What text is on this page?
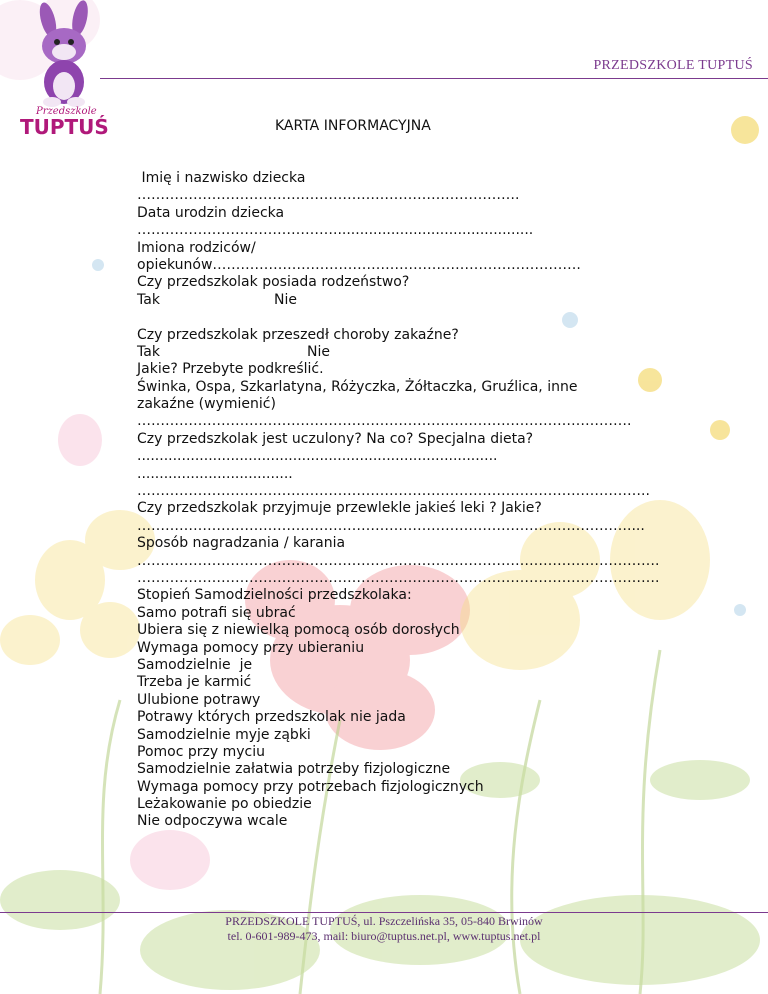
PRZEDSZKOLE TUPTUŚ
Przedszkole
TUPTUŚ	KARTA INFORMACYJNA
Imię i nazwisko dziecka
……………………………………………………………………….
Data urodzin dziecka
…………………………………….............................................
Imiona rodziców/
opiekunów…………………………………………………………………….
Czy przedszkolak posiada rodzeństwo?
Tak	Nie
Czy przedszkolak przeszedł choroby zakaźne?
Tak	Nie
Jakie? Przebyte podkreślić.
Świnka, Ospa, Szkarlatyna, Różyczka, Żółtaczka, Gruźlica, inne
zakaźne (wymienić)
…………………………………………………………………………………………….
Czy przedszkolak jest uczulony? Na co? Specjalna dieta?
.................................................................................
...................................
………………………………………………………………………………………………..
Czy przedszkolak przyjmuje przewlekle jakieś leki ? Jakie?
……………………………………………………………………………………………....
Sposób nagradzania / karania
………………………………………………………………………………………………….
………………………………………………………………………………………………….
Stopień Samodzielności przedszkolaka:
Samo potrafi się ubrać
Ubiera się z niewielką pomocą osób dorosłych
Wymaga pomocy przy ubieraniu
Samodzielnie  je
Trzeba je karmić
Ulubione potrawy
Potrawy których przedszkolak nie jada
Samodzielnie myje ząbki
Pomoc przy myciu
Samodzielnie załatwia potrzeby fizjologiczne
Wymaga pomocy przy potrzebach fizjologicznych
Leżakowanie po obiedzie
Nie odpoczywa wcale
PRZEDSZKOLE TUPTUŚ, ul. Pszczelińska 35, 05-840 Brwinów
tel. 0-601-989-473, mail: biuro@tuptus.net.pl, www.tuptus.net.pl
